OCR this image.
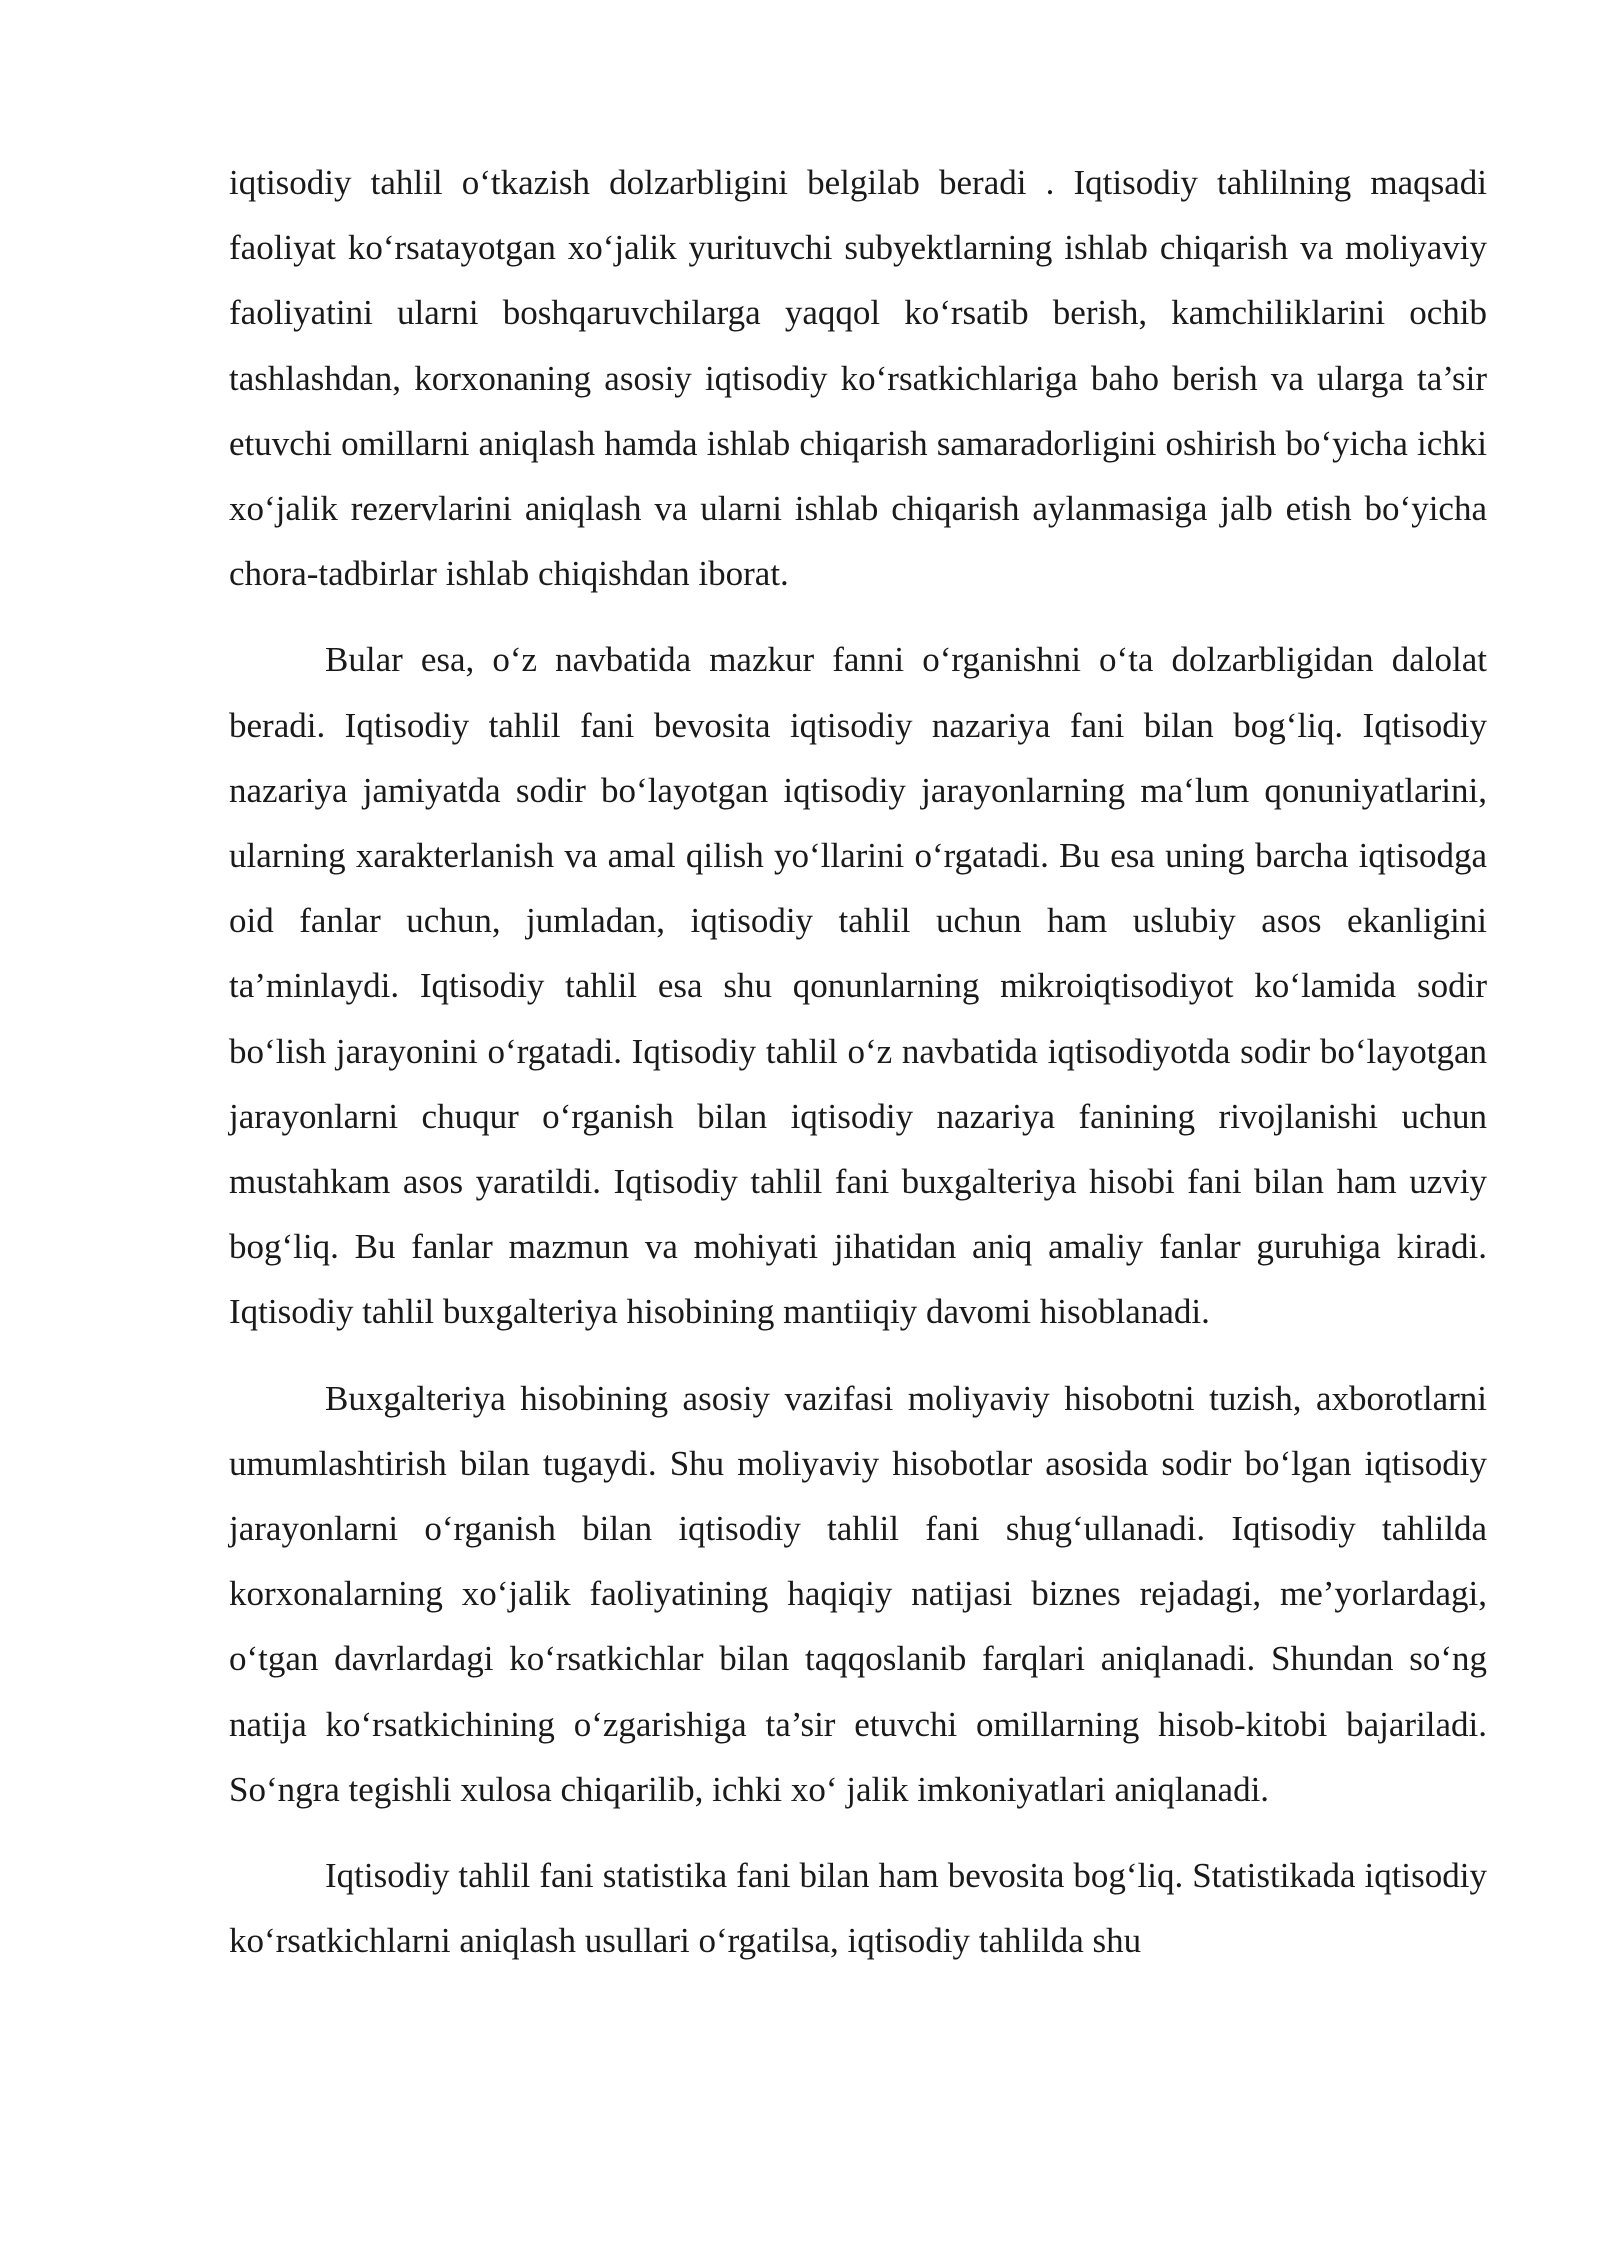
iqtisodiy tahlil o‘tkazish dolzarbligini belgilab beradi . Iqtisodiy tahlilning maqsadi faoliyat ko‘rsatayotgan xo‘jalik yurituvchi subyektlarning ishlab chiqarish va moliyaviy faoliyatini ularni boshqaruvchilarga yaqqol ko‘rsatib berish, kamchiliklarini ochib tashlashdan, korxonaning asosiy iqtisodiy ko‘rsatkichlariga baho berish va ularga ta’sir etuvchi omillarni aniqlash hamda ishlab chiqarish samaradorligini oshirish bo‘yicha ichki xo‘jalik rezervlarini aniqlash va ularni ishlab chiqarish aylanmasiga jalb etish bo‘yicha chora-tadbirlar ishlab chiqishdan iborat.

Bular esa, o‘z navbatida mazkur fanni o‘rganishni o‘ta dolzarbligidan dalolat beradi. Iqtisodiy tahlil fani bevosita iqtisodiy nazariya fani bilan bog‘liq. Iqtisodiy nazariya jamiyatda sodir bo‘layotgan iqtisodiy jarayonlarning ma‘lum qonuniyatlarini, ularning xarakterlanish va amal qilish yo‘llarini o‘rgatadi. Bu esa uning barcha iqtisodga oid fanlar uchun, jumladan, iqtisodiy tahlil uchun ham uslubiy asos ekanligini ta’minlaydi. Iqtisodiy tahlil esa shu qonunlarning mikroiqtisodiyot ko‘lamida sodir bo‘lish jarayonini o‘rgatadi. Iqtisodiy tahlil o‘z navbatida iqtisodiyotda sodir bo‘layotgan jarayonlarni chuqur o‘rganish bilan iqtisodiy nazariya fanining rivojlanishi uchun mustahkam asos yaratildi. Iqtisodiy tahlil fani buxgalteriya hisobi fani bilan ham uzviy bog‘liq. Bu fanlar mazmun va mohiyati jihatidan aniq amaliy fanlar guruhiga kiradi. Iqtisodiy tahlil buxgalteriya hisobining mantiiqiy davomi hisoblanadi.

Buxgalteriya hisobining asosiy vazifasi moliyaviy hisobotni tuzish, axborotlarni umumlashtirish bilan tugaydi. Shu moliyaviy hisobotlar asosida sodir bo‘lgan iqtisodiy jarayonlarni o‘rganish bilan iqtisodiy tahlil fani shug‘ullanadi. Iqtisodiy tahlilda korxonalarning xo‘jalik faoliyatining haqiqiy natijasi biznes rejadagi, me’yorlardagi, o‘tgan davrlardagi ko‘rsatkichlar bilan taqqoslanib farqlari aniqlanadi. Shundan so‘ng natija ko‘rsatkichining o‘zgarishiga ta’sir etuvchi omillarning hisob-kitobi bajariladi. So‘ngra tegishli xulosa chiqarilib, ichki xo‘ jalik imkoniyatlari aniqlanadi.

Iqtisodiy tahlil fani statistika fani bilan ham bevosita bog‘liq. Statistikada iqtisodiy ko‘rsatkichlarni aniqlash usullari o‘rgatilsa, iqtisodiy tahlilda shu
